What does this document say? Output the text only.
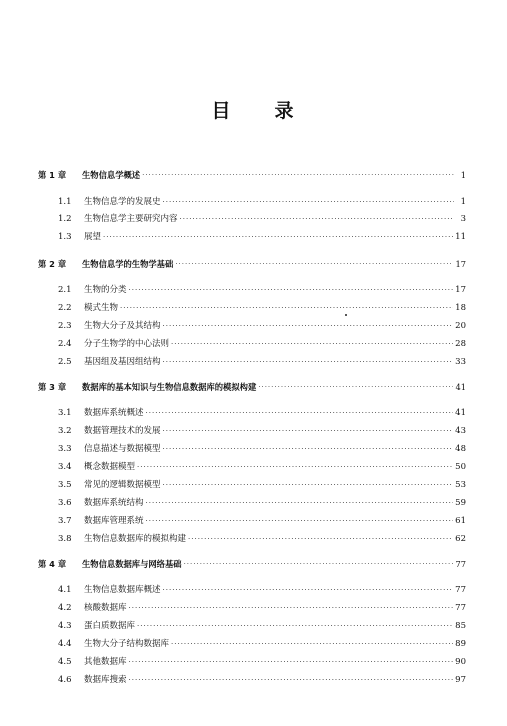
目 录
第 1 章	生物信息学概述 ·····	1
1.1	生物信息学的发展史 ·····	1
1.2	生物信息学主要研究内容 ·····	3
1.3	展望 ·····	11
第 2 章	生物信息学的生物学基础 ·····	17
2.1	生物的分类 ·····	17
2.2	模式生物 ·····	18
2.3	生物大分子及其结构 ·····	20
2.4	分子生物学的中心法则 ·····	28
2.5	基因组及基因组结构 ·····	33
第 3 章	数据库的基本知识与生物信息数据库的模拟构建 ·····	41
3.1	数据库系统概述 ·····	41
3.2	数据管理技术的发展 ·····	43
3.3	信息描述与数据模型 ·····	48
3.4	概念数据模型 ·····	50
3.5	常见的逻辑数据模型 ·····	53
3.6	数据库系统结构 ·····	59
3.7	数据库管理系统 ·····	61
3.8	生物信息数据库的模拟构建 ·····	62
第 4 章	生物信息数据库与网络基础 ·····	77
4.1	生物信息数据库概述 ·····	77
4.2	核酸数据库 ·····	77
4.3	蛋白质数据库 ·····	85
4.4	生物大分子结构数据库 ·····	89
4.5	其他数据库 ·····	90
4.6	数据库搜索 ·····	97
